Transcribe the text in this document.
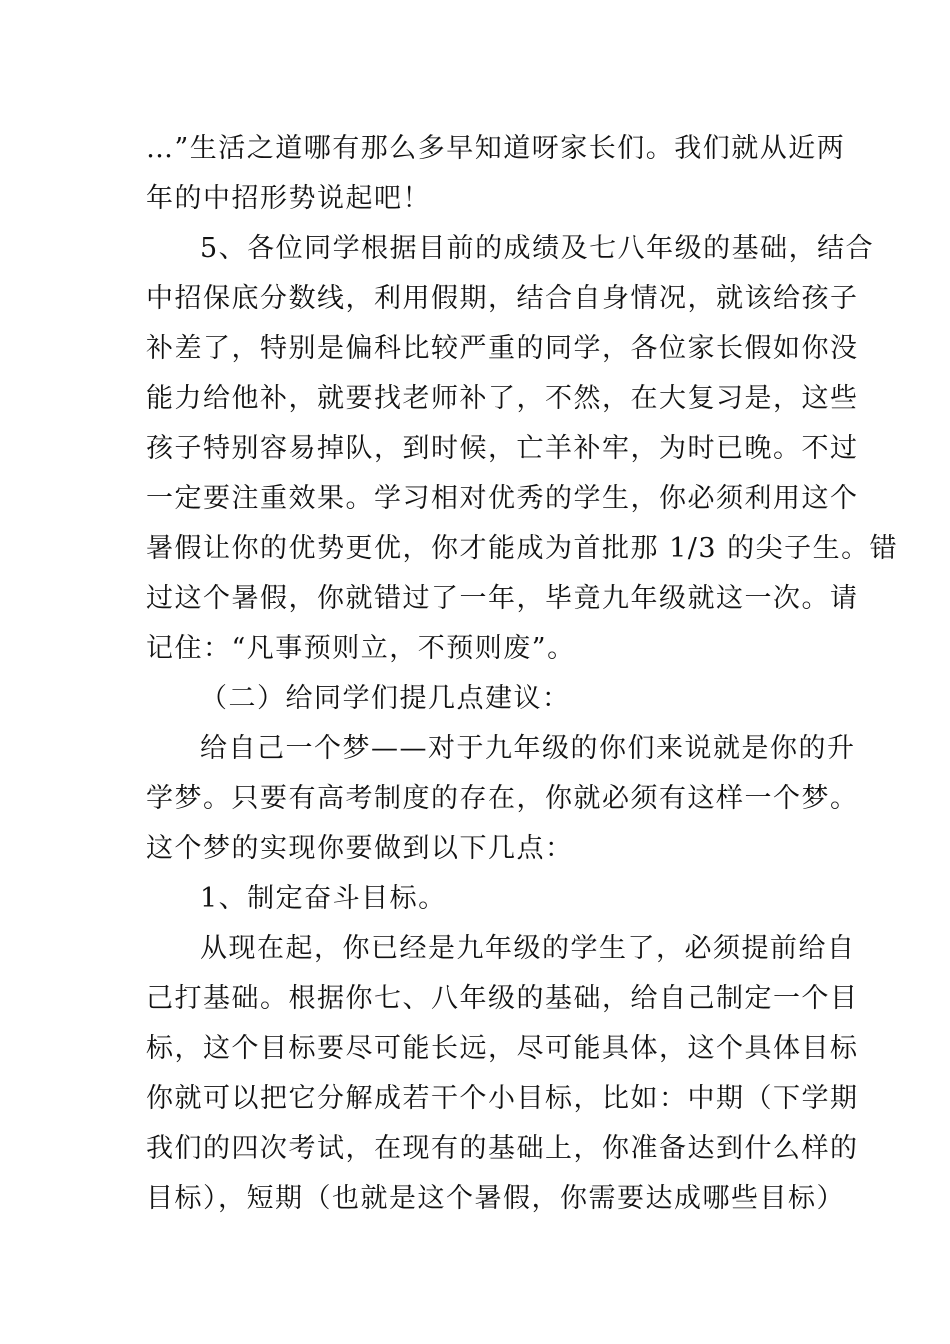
…”生活之道哪有那么多早知道呀家长们。我们就从近两
年的中招形势说起吧！
5、各位同学根据目前的成绩及七八年级的基础，结合
中招保底分数线，利用假期，结合自身情况，就该给孩子
补差了，特别是偏科比较严重的同学，各位家长假如你没
能力给他补，就要找老师补了，不然，在大复习是，这些
孩子特别容易掉队，到时候，亡羊补牢，为时已晚。不过
一定要注重效果。学习相对优秀的学生，你必须利用这个
暑假让你的优势更优，你才能成为首批那 1/3 的尖子生。错
过这个暑假，你就错过了一年，毕竟九年级就这一次。请
记住：“凡事预则立，不预则废”。
（二）给同学们提几点建议：
给自己一个梦——对于九年级的你们来说就是你的升
学梦。只要有高考制度的存在，你就必须有这样一个梦。
这个梦的实现你要做到以下几点：
1、制定奋斗目标。
从现在起，你已经是九年级的学生了，必须提前给自
己打基础。根据你七、八年级的基础，给自己制定一个目
标，这个目标要尽可能长远，尽可能具体，这个具体目标
你就可以把它分解成若干个小目标，比如：中期（下学期
我们的四次考试，在现有的基础上，你准备达到什么样的
目标），短期（也就是这个暑假，你需要达成哪些目标）
